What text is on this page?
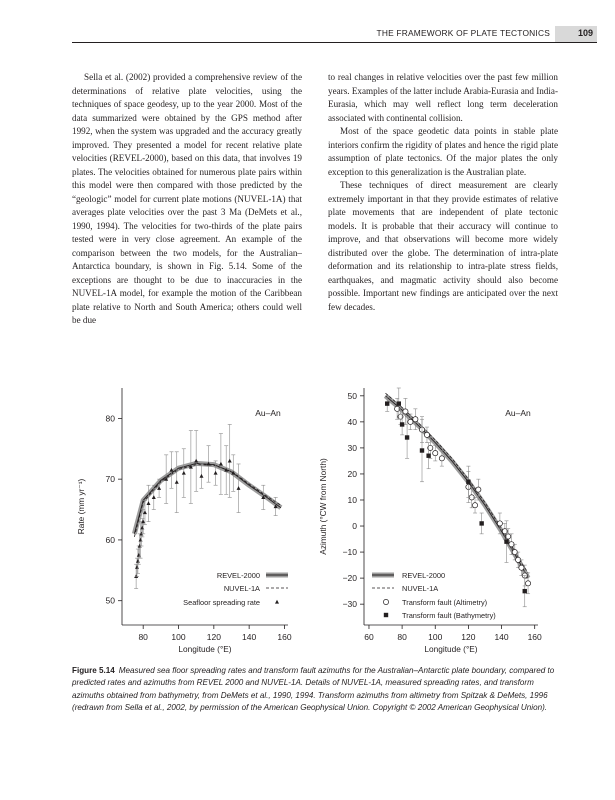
THE FRAMEWORK OF PLATE TECTONICS	109

Sella et al. (2002) provided a comprehensive review of the determinations of relative plate velocities, using the techniques of space geodesy, up to the year 2000. Most of the data summarized were obtained by the GPS method after 1992, when the system was upgraded and the accuracy greatly improved. They presented a model for recent relative plate velocities (REVEL-2000), based on this data, that involves 19 plates. The velocities obtained for numerous plate pairs within this model were then compared with those predicted by the “geologic” model for current plate motions (NUVEL-1A) that averages plate velocities over the past 3 Ma (DeMets et al., 1990, 1994). The velocities for two-thirds of the plate pairs tested were in very close agreement. An example of the comparison between the two models, for the Australian–Antarctica boundary, is shown in Fig. 5.14. Some of the exceptions are thought to be due to inaccuracies in the NUVEL-1A model, for example the motion of the Caribbean plate relative to North and South America; others could well be due

to real changes in relative velocities over the past few million years. Examples of the latter include Arabia-Eurasia and India-Eurasia, which may well reflect long term deceleration associated with continental collision.

Most of the space geodetic data points in stable plate interiors confirm the rigidity of plates and hence the rigid plate assumption of plate tectonics. Of the major plates the only exception to this generalization is the Australian plate.

These techniques of direct measurement are clearly extremely important in that they provide estimates of relative plate movements that are independent of plate tectonic models. It is probable that their accuracy will continue to improve, and that observations will become more widely distributed over the globe. The determination of intra-plate deformation and its relationship to intra-plate stress fields, earthquakes, and magmatic activity should also become possible. Important new findings are anticipated over the next few decades.

50
60
70
80
80	100 120 140 160
Longitude (°E)
Rate (mm yr⁻¹)
Au–An
REVEL-2000
NUVEL-1A
Seafloor spreading rate	−30
−20
−10
0
10
20
30
40
50
60	80	100 120 140 160
Longitude (°E)
Azimuth (°CW from North)
Au–An
REVEL-2000
NUVEL-1A
Transform fault (Altimetry)
Transform fault (Bathymetry)
Figure 5.14 Measured sea floor spreading rates and transform fault azimuths for the Australian–Antarctic plate boundary, compared to predicted rates and azimuths from REVEL 2000 and NUVEL-1A. Details of NUVEL-1A, measured spreading rates, and transform azimuths obtained from bathymetry, from DeMets et al., 1990, 1994. Transform azimuths from altimetry from Spitzak & DeMets, 1996 (redrawn from Sella et al., 2002, by permission of the American Geophysical Union. Copyright © 2002 American Geophysical Union).
